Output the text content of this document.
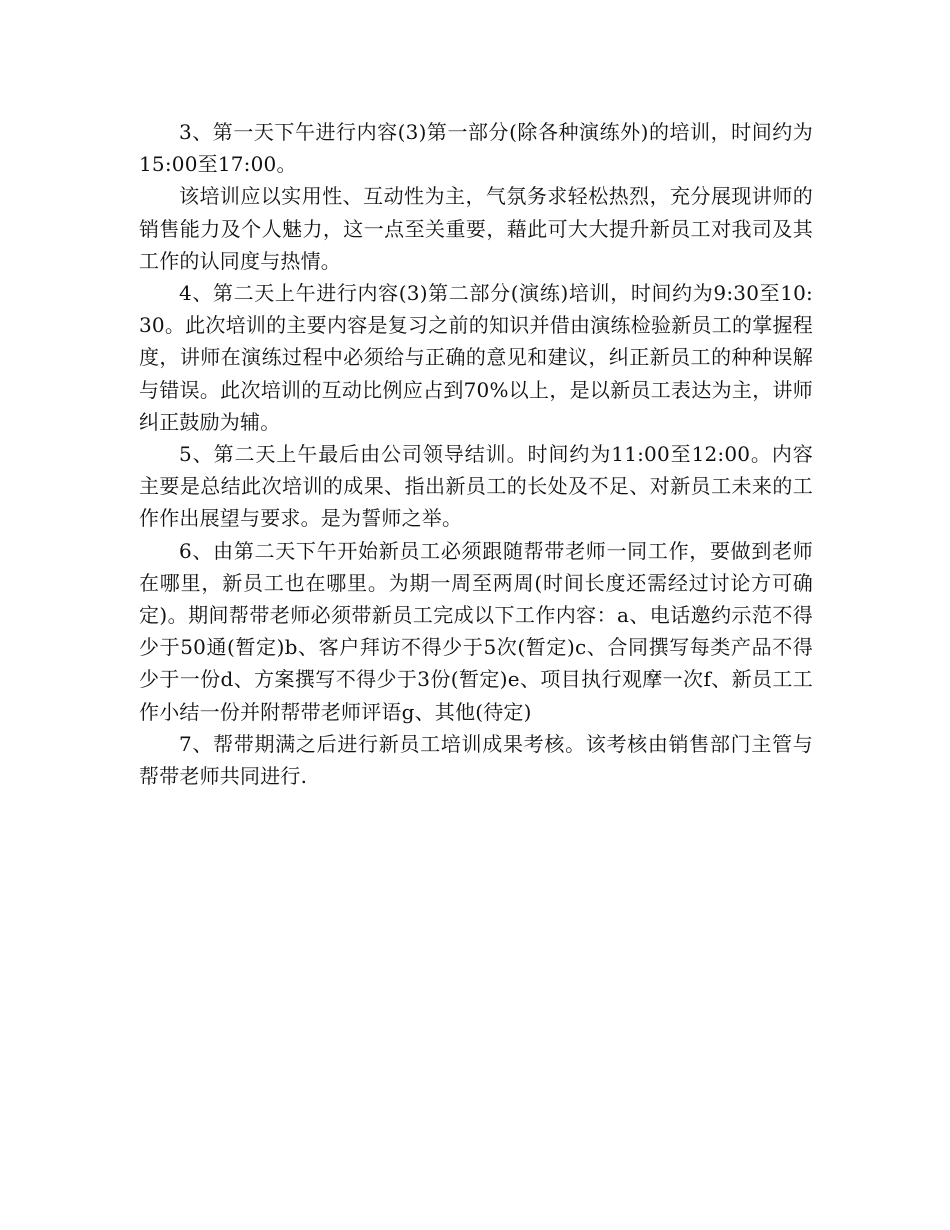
3、第一天下午进行内容(3)第一部分(除各种演练外)的培训，时间约为15:00至17:00。

该培训应以实用性、互动性为主，气氛务求轻松热烈，充分展现讲师的销售能力及个人魅力，这一点至关重要，藉此可大大提升新员工对我司及其工作的认同度与热情。

4、第二天上午进行内容(3)第二部分(演练)培训，时间约为9:30至10:30。此次培训的主要内容是复习之前的知识并借由演练检验新员工的掌握程度，讲师在演练过程中必须给与正确的意见和建议，纠正新员工的种种误解与错误。此次培训的互动比例应占到70%以上，是以新员工表达为主，讲师纠正鼓励为辅。

5、第二天上午最后由公司领导结训。时间约为11:00至12:00。内容主要是总结此次培训的成果、指出新员工的长处及不足、对新员工未来的工作作出展望与要求。是为誓师之举。

6、由第二天下午开始新员工必须跟随帮带老师一同工作，要做到老师在哪里，新员工也在哪里。为期一周至两周(时间长度还需经过讨论方可确定)。期间帮带老师必须带新员工完成以下工作内容：a、电话邀约示范不得少于50通(暂定)b、客户拜访不得少于5次(暂定)c、合同撰写每类产品不得少于一份d、方案撰写不得少于3份(暂定)e、项目执行观摩一次f、新员工工作小结一份并附帮带老师评语g、其他(待定)

7、帮带期满之后进行新员工培训成果考核。该考核由销售部门主管与帮带老师共同进行.
